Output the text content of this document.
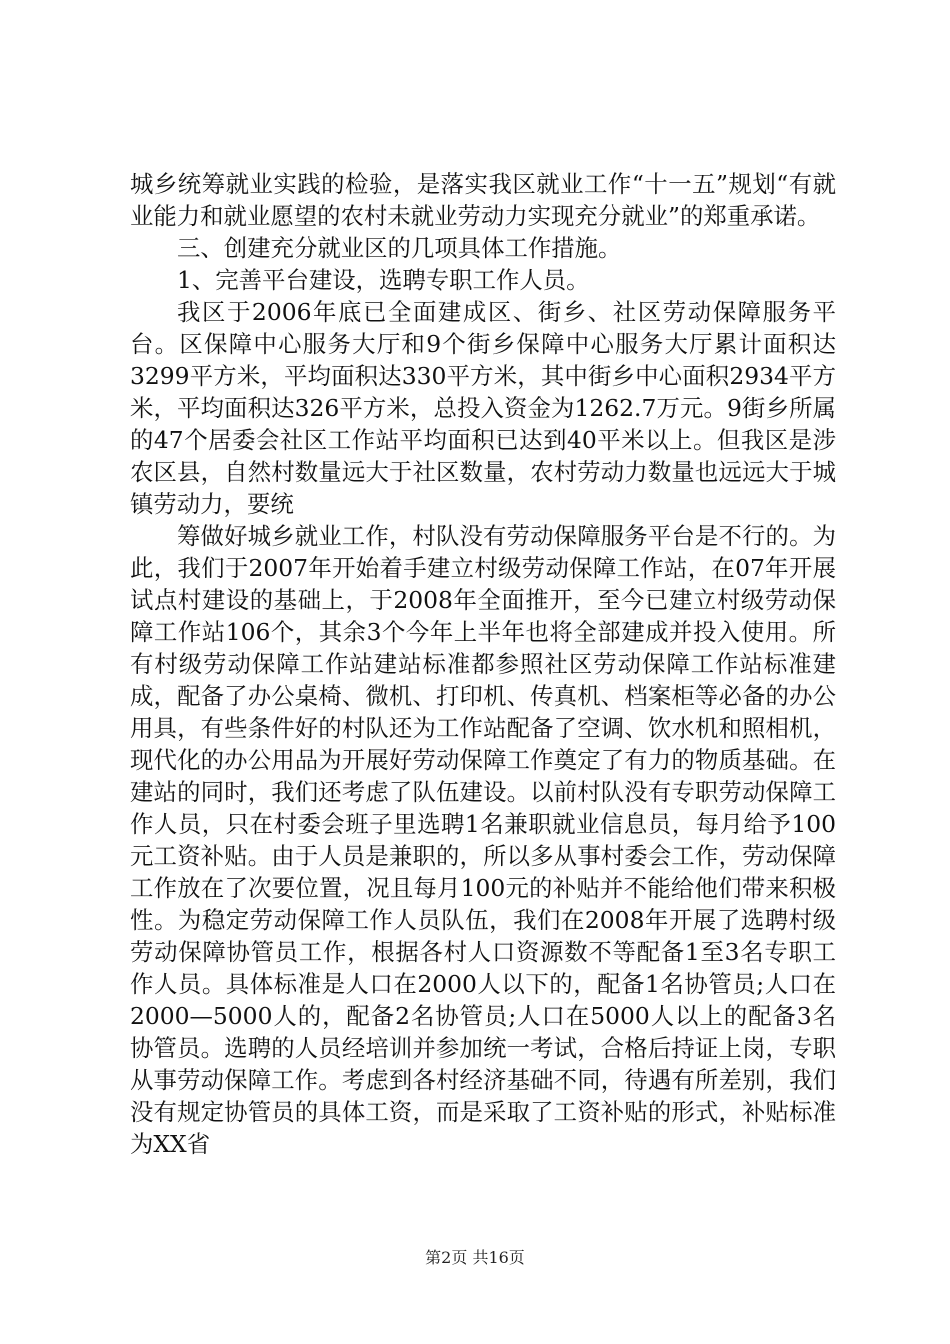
城乡统筹就业实践的检验，是落实我区就业工作“十一五”规划“有就业能力和就业愿望的农村未就业劳动力实现充分就业”的郑重承诺。

三、创建充分就业区的几项具体工作措施。

1、完善平台建设，选聘专职工作人员。

我区于2006年底已全面建成区、街乡、社区劳动保障服务平台。区保障中心服务大厅和9个街乡保障中心服务大厅累计面积达3299平方米，平均面积达330平方米，其中街乡中心面积2934平方米，平均面积达326平方米，总投入资金为1262.7万元。9街乡所属的47个居委会社区工作站平均面积已达到40平米以上。但我区是涉农区县，自然村数量远大于社区数量，农村劳动力数量也远远大于城镇劳动力，要统

筹做好城乡就业工作，村队没有劳动保障服务平台是不行的。为此，我们于2007年开始着手建立村级劳动保障工作站，在07年开展试点村建设的基础上，于2008年全面推开，至今已建立村级劳动保障工作站106个，其余3个今年上半年也将全部建成并投入使用。所有村级劳动保障工作站建站标准都参照社区劳动保障工作站标准建成，配备了办公桌椅、微机、打印机、传真机、档案柜等必备的办公用具，有些条件好的村队还为工作站配备了空调、饮水机和照相机，现代化的办公用品为开展好劳动保障工作奠定了有力的物质基础。在建站的同时，我们还考虑了队伍建设。以前村队没有专职劳动保障工作人员，只在村委会班子里选聘1名兼职就业信息员，每月给予100元工资补贴。由于人员是兼职的，所以多从事村委会工作，劳动保障工作放在了次要位置，况且每月100元的补贴并不能给他们带来积极性。为稳定劳动保障工作人员队伍，我们在2008年开展了选聘村级劳动保障协管员工作，根据各村人口资源数不等配备1至3名专职工作人员。具体标准是人口在2000人以下的，配备1名协管员;人口在2000—5000人的，配备2名协管员;人口在5000人以上的配备3名协管员。选聘的人员经培训并参加统一考试，合格后持证上岗，专职从事劳动保障工作。考虑到各村经济基础不同，待遇有所差别，我们没有规定协管员的具体工资，而是采取了工资补贴的形式，补贴标准为XX省

第2页 共16页
